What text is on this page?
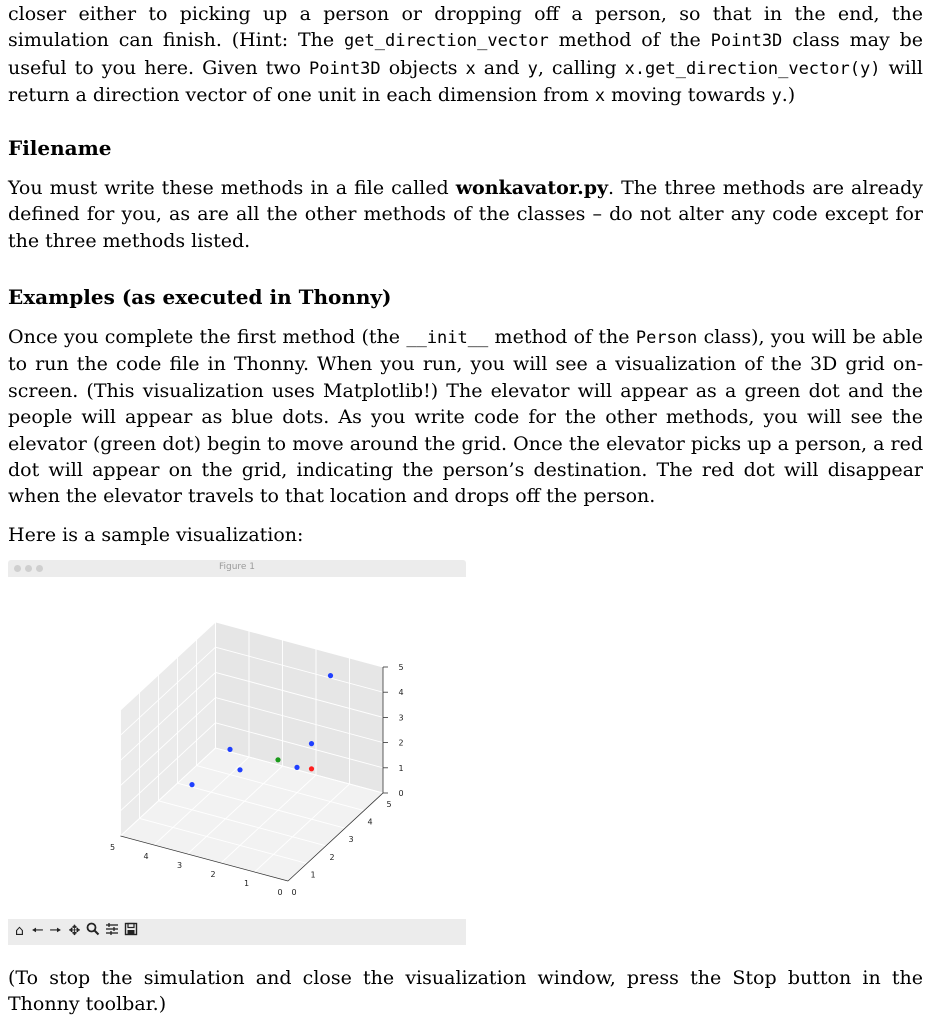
closer either to picking up a person or dropping off a person, so that in the end, the simulation can finish. (Hint: The get_direction_vector method of the Point3D class may be useful to you here. Given two Point3D objects x and y, calling x.get_direction_vector(y) will return a direction vector of one unit in each dimension from x moving towards y.)

Filename

You must write these methods in a file called wonkavator.py. The three methods are already defined for you, as are all the other methods of the classes – do not alter any code except for the three methods listed.

Examples (as executed in Thonny)

Once you complete the first method (the __init__ method of the Person class), you will be able to run the code file in Thonny. When you run, you will see a visualization of the 3D grid on-screen. (This visualization uses Matplotlib!) The elevator will appear as a green dot and the people will appear as blue dots. As you write code for the other methods, you will see the elevator (green dot) begin to move around the grid. Once the elevator picks up a person, a red dot will appear on the grid, indicating the person’s destination. The red dot will disappear when the elevator travels to that location and drops off the person.

Here is a sample visualization:

Figure 1
0
1
2
3
4
5
0
1
2
3
4
5
0
1
2
3
4
5
⌂ 🠔 🠖 ✥

(To stop the simulation and close the visualization window, press the Stop button in the Thonny toolbar.)
